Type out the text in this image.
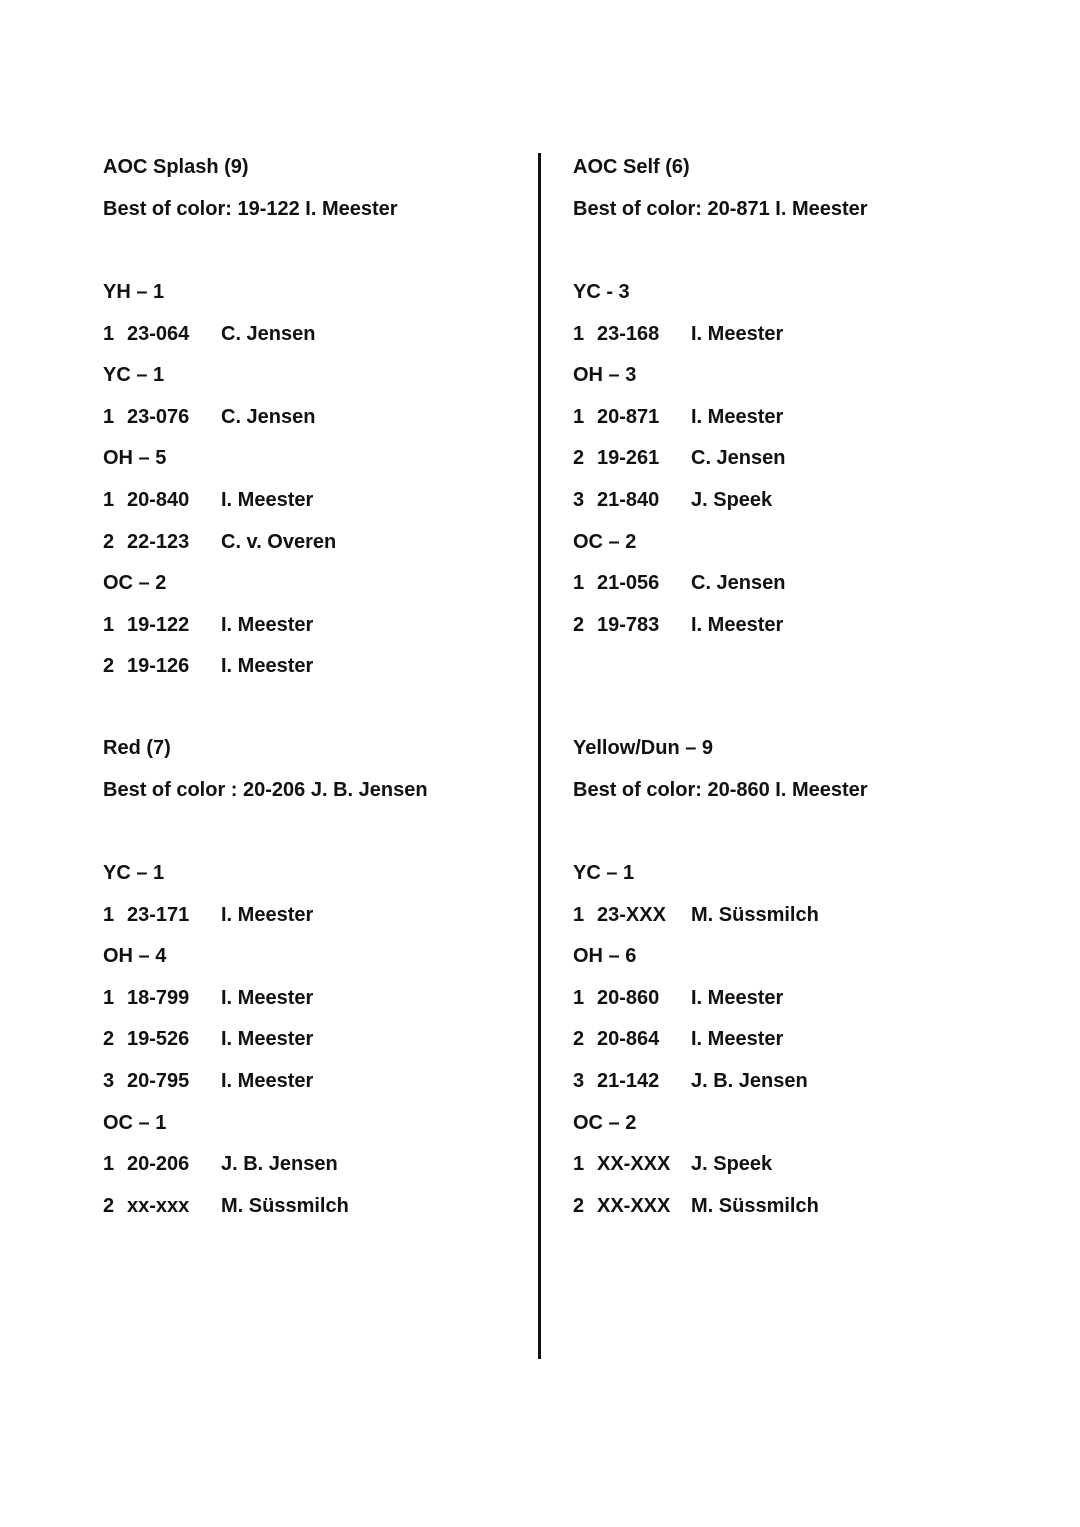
AOC Splash (9)
Best of color: 19-122 I. Meester
YH – 1
1 23-064 C. Jensen
YC – 1
1 23-076 C. Jensen
OH – 5
1 20-840 I. Meester
2 22-123 C. v. Overen
OC – 2
1 19-122 I. Meester
2 19-126 I. Meester
AOC Self (6)
Best of color: 20-871 I. Meester
YC - 3
1 23-168 I. Meester
OH – 3
1 20-871 I. Meester
2 19-261 C. Jensen
3 21-840 J. Speek
OC – 2
1 21-056 C. Jensen
2 19-783 I. Meester
Red (7)
Best of color : 20-206 J. B. Jensen
YC – 1
1 23-171 I. Meester
OH – 4
1 18-799 I. Meester
2 19-526 I. Meester
3 20-795 I. Meester
OC – 1
1 20-206 J. B. Jensen
2 xx-xxx M. Süssmilch
Yellow/Dun – 9
Best of color: 20-860 I. Meester
YC – 1
1 23-XXX M. Süssmilch
OH – 6
1 20-860 I. Meester
2 20-864 I. Meester
3 21-142 J. B. Jensen
OC – 2
1 XX-XXX J. Speek
2 XX-XXX M. Süssmilch
